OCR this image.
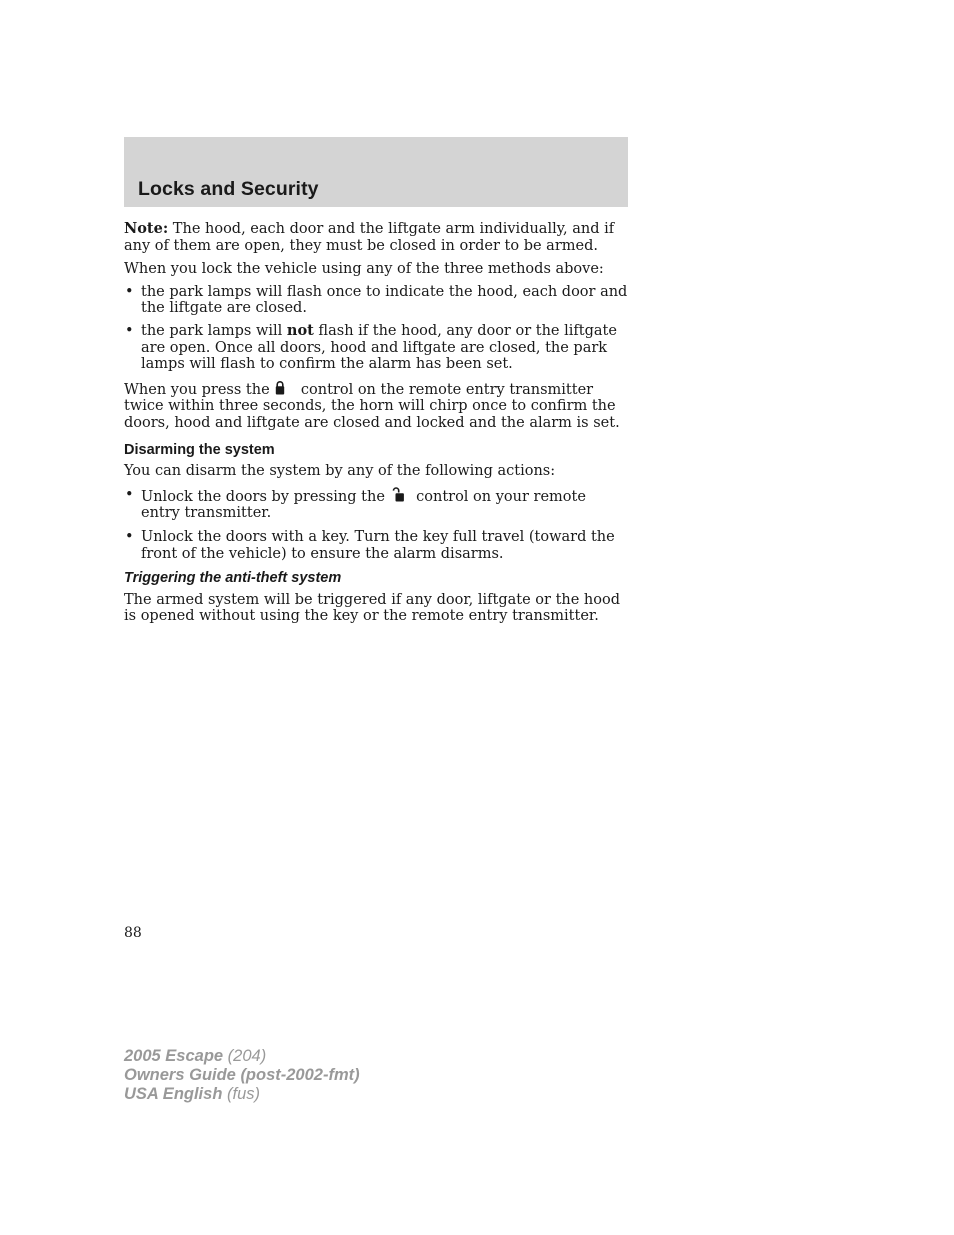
Locks and Security

Note: The hood, each door and the liftgate arm individually, and if any of them are open, they must be closed in order to be armed.

When you lock the vehicle using any of the three methods above:

• the park lamps will flash once to indicate the hood, each door and the liftgate are closed.
• the park lamps will not flash if the hood, any door or the liftgate are open. Once all doors, hood and liftgate are closed, the park lamps will flash to confirm the alarm has been set.

When you press the  control on the remote entry transmitter twice within three seconds, the horn will chirp once to confirm the doors, hood and liftgate are closed and locked and the alarm is set.

Disarming the system

You can disarm the system by any of the following actions:

• Unlock the doors by pressing the  control on your remote entry transmitter.
• Unlock the doors with a key. Turn the key full travel (toward the front of the vehicle) to ensure the alarm disarms.

Triggering the anti-theft system

The armed system will be triggered if any door, liftgate or the hood is opened without using the key or the remote entry transmitter.

88
2005 Escape (204)
Owners Guide (post-2002-fmt)
USA English (fus)
